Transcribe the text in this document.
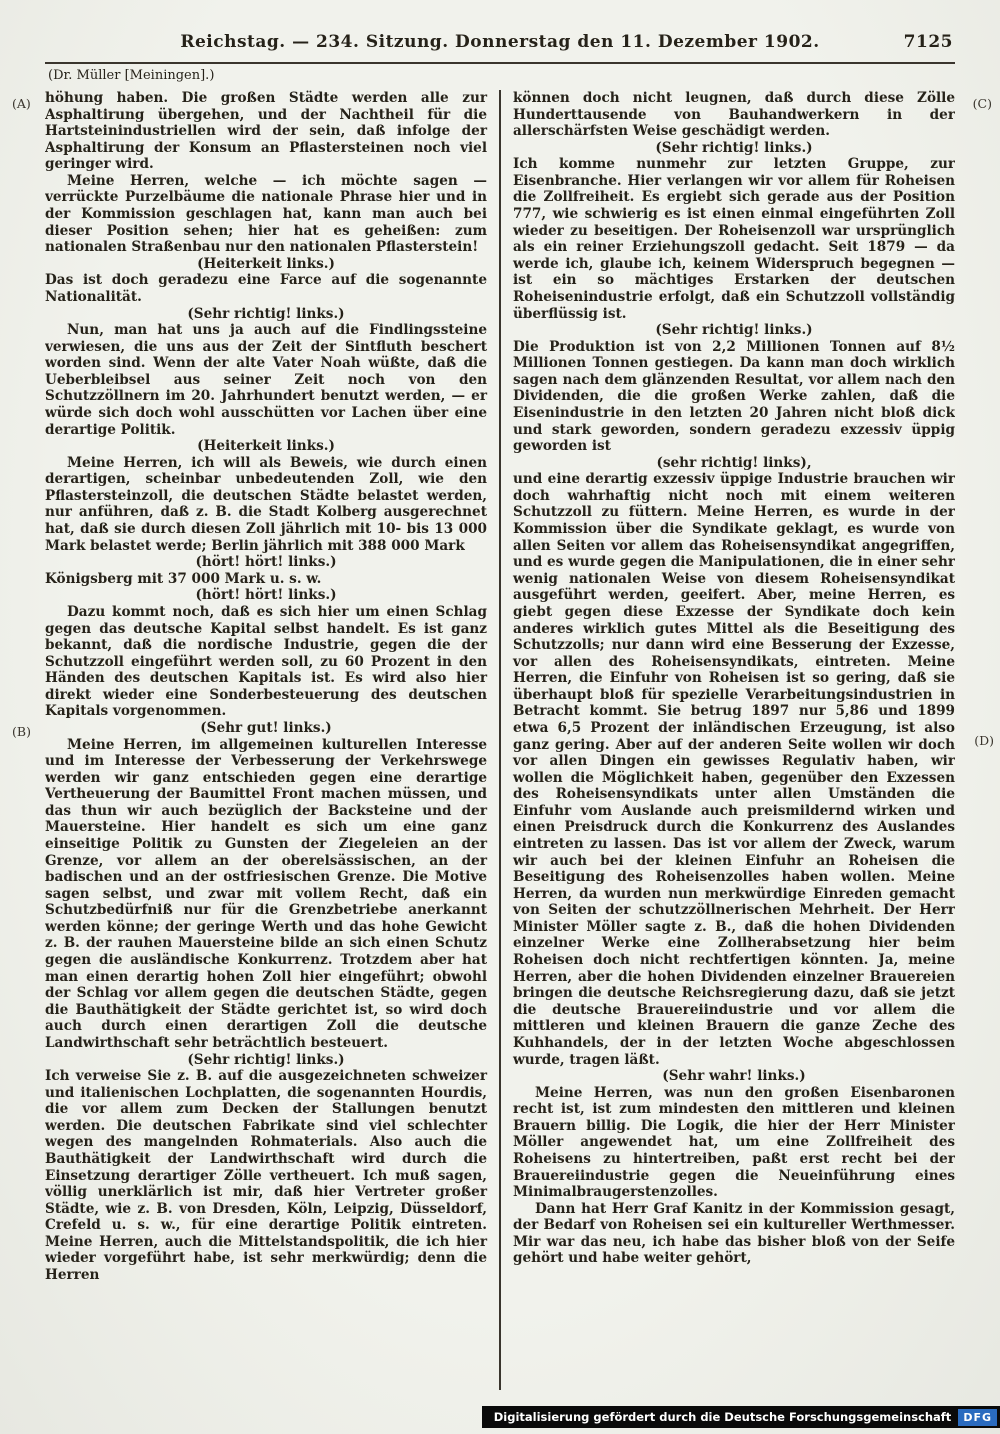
Reichstag. — 234. Sitzung. Donnerstag den 11. Dezember 1902.	7125
(Dr. Müller [Meiningen].)
(A)
(B)
(C)
(D)

höhung haben. Die großen Städte werden alle zur Asphaltirung übergehen, und der Nachtheil für die Hartsteinindustriellen wird der sein, daß infolge der Asphaltirung der Konsum an Pflastersteinen noch viel geringer wird.

Meine Herren, welche — ich möchte sagen — verrückte Purzelbäume die nationale Phrase hier und in der Kommission geschlagen hat, kann man auch bei dieser Position sehen; hier hat es geheißen: zum nationalen Straßenbau nur den nationalen Pflasterstein!

(Heiterkeit links.)

Das ist doch geradezu eine Farce auf die sogenannte Nationalität.

(Sehr richtig! links.)

Nun, man hat uns ja auch auf die Findlingssteine verwiesen, die uns aus der Zeit der Sintfluth beschert worden sind. Wenn der alte Vater Noah wüßte, daß die Ueberbleibsel aus seiner Zeit noch von den Schutzzöllnern im 20. Jahrhundert benutzt werden, — er würde sich doch wohl ausschütten vor Lachen über eine derartige Politik.

(Heiterkeit links.)

Meine Herren, ich will als Beweis, wie durch einen derartigen, scheinbar unbedeutenden Zoll, wie den Pflastersteinzoll, die deutschen Städte belastet werden, nur anführen, daß z. B. die Stadt Kolberg ausgerechnet hat, daß sie durch diesen Zoll jährlich mit 10- bis 13 000 Mark belastet werde; Berlin jährlich mit 388 000 Mark

(hört! hört! links.)

Königsberg mit 37 000 Mark u. s. w.

(hört! hört! links.)

Dazu kommt noch, daß es sich hier um einen Schlag gegen das deutsche Kapital selbst handelt. Es ist ganz bekannt, daß die nordische Industrie, gegen die der Schutzzoll eingeführt werden soll, zu 60 Prozent in den Händen des deutschen Kapitals ist. Es wird also hier direkt wieder eine Sonderbesteuerung des deutschen Kapitals vorgenommen.

(Sehr gut! links.)

Meine Herren, im allgemeinen kulturellen Interesse und im Interesse der Verbesserung der Verkehrswege werden wir ganz entschieden gegen eine derartige Vertheuerung der Baumittel Front machen müssen, und das thun wir auch bezüglich der Backsteine und der Mauersteine. Hier handelt es sich um eine ganz einseitige Politik zu Gunsten der Ziegeleien an der Grenze, vor allem an der oberelsässischen, an der badischen und an der ostfriesischen Grenze. Die Motive sagen selbst, und zwar mit vollem Recht, daß ein Schutzbedürfniß nur für die Grenzbetriebe anerkannt werden könne; der geringe Werth und das hohe Gewicht z. B. der rauhen Mauersteine bilde an sich einen Schutz gegen die ausländische Konkurrenz. Trotzdem aber hat man einen derartig hohen Zoll hier eingeführt; obwohl der Schlag vor allem gegen die deutschen Städte, gegen die Bauthätigkeit der Städte gerichtet ist, so wird doch auch durch einen derartigen Zoll die deutsche Landwirthschaft sehr beträchtlich besteuert.

(Sehr richtig! links.)

Ich verweise Sie z. B. auf die ausgezeichneten schweizer und italienischen Lochplatten, die sogenannten Hourdis, die vor allem zum Decken der Stallungen benutzt werden. Die deutschen Fabrikate sind viel schlechter wegen des mangelnden Rohmaterials. Also auch die Bauthätigkeit der Landwirthschaft wird durch die Einsetzung derartiger Zölle vertheuert. Ich muß sagen, völlig unerklärlich ist mir, daß hier Vertreter großer Städte, wie z. B. von Dresden, Köln, Leipzig, Düsseldorf, Crefeld u. s. w., für eine derartige Politik eintreten. Meine Herren, auch die Mittelstandspolitik, die ich hier wieder vorgeführt habe, ist sehr merkwürdig; denn die Herren

können doch nicht leugnen, daß durch diese Zölle Hunderttausende von Bauhandwerkern in der allerschärfsten Weise geschädigt werden.

(Sehr richtig! links.)

Ich komme nunmehr zur letzten Gruppe, zur Eisenbranche. Hier verlangen wir vor allem für Roheisen die Zollfreiheit. Es ergiebt sich gerade aus der Position 777, wie schwierig es ist einen einmal eingeführten Zoll wieder zu beseitigen. Der Roheisenzoll war ursprünglich als ein reiner Erziehungszoll gedacht. Seit 1879 — da werde ich, glaube ich, keinem Widerspruch begegnen — ist ein so mächtiges Erstarken der deutschen Roheisenindustrie erfolgt, daß ein Schutzzoll vollständig überflüssig ist.

(Sehr richtig! links.)

Die Produktion ist von 2,2 Millionen Tonnen auf 8½ Millionen Tonnen gestiegen. Da kann man doch wirklich sagen nach dem glänzenden Resultat, vor allem nach den Dividenden, die die großen Werke zahlen, daß die Eisenindustrie in den letzten 20 Jahren nicht bloß dick und stark geworden, sondern geradezu exzessiv üppig geworden ist

(sehr richtig! links),

und eine derartig exzessiv üppige Industrie brauchen wir doch wahrhaftig nicht noch mit einem weiteren Schutzzoll zu füttern. Meine Herren, es wurde in der Kommission über die Syndikate geklagt, es wurde von allen Seiten vor allem das Roheisensyndikat angegriffen, und es wurde gegen die Manipulationen, die in einer sehr wenig nationalen Weise von diesem Roheisensyndikat ausgeführt werden, geeifert. Aber, meine Herren, es giebt gegen diese Exzesse der Syndikate doch kein anderes wirklich gutes Mittel als die Beseitigung des Schutzzolls; nur dann wird eine Besserung der Exzesse, vor allen des Roheisensyndikats, eintreten. Meine Herren, die Einfuhr von Roheisen ist so gering, daß sie überhaupt bloß für spezielle Verarbeitungsindustrien in Betracht kommt. Sie betrug 1897 nur 5,86 und 1899 etwa 6,5 Prozent der inländischen Erzeugung, ist also ganz gering. Aber auf der anderen Seite wollen wir doch vor allen Dingen ein gewisses Regulativ haben, wir wollen die Möglichkeit haben, gegenüber den Exzessen des Roheisensyndikats unter allen Umständen die Einfuhr vom Auslande auch preismildernd wirken und einen Preisdruck durch die Konkurrenz des Auslandes eintreten zu lassen. Das ist vor allem der Zweck, warum wir auch bei der kleinen Einfuhr an Roheisen die Beseitigung des Roheisenzolles haben wollen. Meine Herren, da wurden nun merkwürdige Einreden gemacht von Seiten der schutzzöllnerischen Mehrheit. Der Herr Minister Möller sagte z. B., daß die hohen Dividenden einzelner Werke eine Zollherabsetzung hier beim Roheisen doch nicht rechtfertigen könnten. Ja, meine Herren, aber die hohen Dividenden einzelner Brauereien bringen die deutsche Reichsregierung dazu, daß sie jetzt die deutsche Brauereiindustrie und vor allem die mittleren und kleinen Brauern die ganze Zeche des Kuhhandels, der in der letzten Woche abgeschlossen wurde, tragen läßt.

(Sehr wahr! links.)

Meine Herren, was nun den großen Eisenbaronen recht ist, ist zum mindesten den mittleren und kleinen Brauern billig. Die Logik, die hier der Herr Minister Möller angewendet hat, um eine Zollfreiheit des Roheisens zu hintertreiben, paßt erst recht bei der Brauereiindustrie gegen die Neueinführung eines Minimalbraugerstenzolles.

Dann hat Herr Graf Kanitz in der Kommission gesagt, der Bedarf von Roheisen sei ein kultureller Werthmesser. Mir war das neu, ich habe das bisher bloß von der Seife gehört und habe weiter gehört,

Digitalisierung gefördert durch die Deutsche Forschungsgemeinschaft	DFG
